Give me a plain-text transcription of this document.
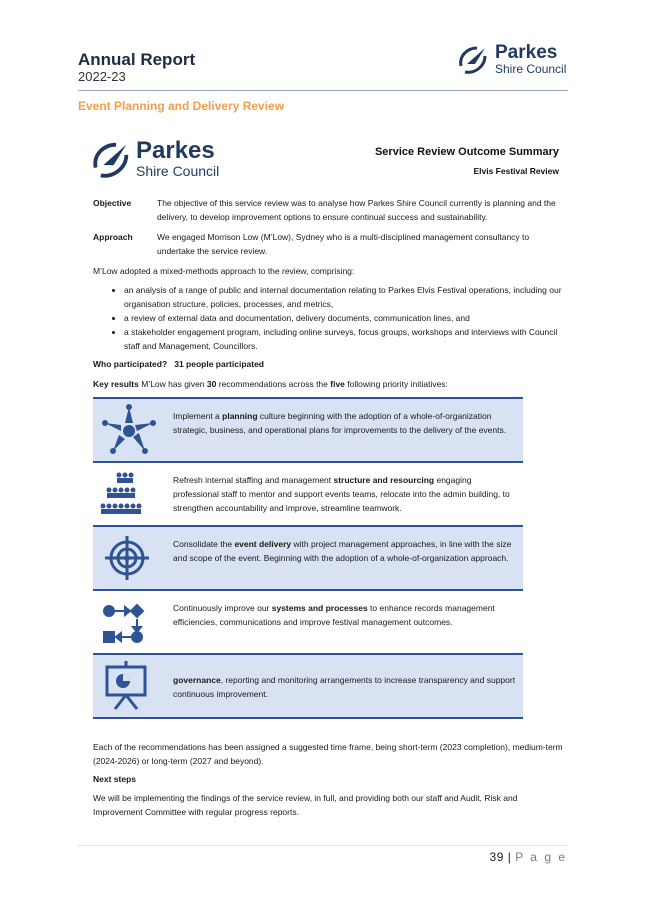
Annual Report
2022-23
Parkes
Shire Council
Event Planning and Delivery Review
Parkes
Shire Council
Service Review Outcome Summary
Elvis Festival Review
Objective	The objective of this service review was to analyse how Parkes Shire Council currently is planning and the delivery, to develop improvement options to ensure continual success and sustainability.
Approach	We engaged Morrison Low (M’Low), Sydney who is a multi-disciplined management consultancy to undertake the service review.
M’Low adopted a mixed-methods approach to the review, comprising:
• an analysis of a range of public and internal documentation relating to Parkes Elvis Festival operations, including our organisation structure, policies, processes, and metrics,
• a review of external data and documentation, delivery documents, communication lines, and
• a stakeholder engagement program, including online surveys, focus groups, workshops and interviews with Council staff and Management, Councillors.
Who participated? 31 people participated
Key results M’Low has given 30 recommendations across the five following priority initiatives:
Implement a planning culture beginning with the adoption of a whole-of-organization strategic, business, and operational plans for improvements to the delivery of the events.
Refresh internal staffing and management structure and resourcing engaging professional staff to mentor and support events teams, relocate into the admin building, to strengthen accountability and improve, streamline teamwork.
Consolidate the event delivery with project management approaches, in line with the size and scope of the event. Beginning with the adoption of a whole-of-organization approach.
Continuously improve our systems and processes to enhance records management efficiencies, communications and improve festival management outcomes.
governance, reporting and monitoring arrangements to increase transparency and support continuous improvement.
Each of the recommendations has been assigned a suggested time frame, being short-term (2023 completion), medium-term (2024-2026) or long-term (2027 and beyond).
Next steps
We will be implementing the findings of the service review, in full, and providing both our staff and Audit, Risk and Improvement Committee with regular progress reports.
39 | P a g e
